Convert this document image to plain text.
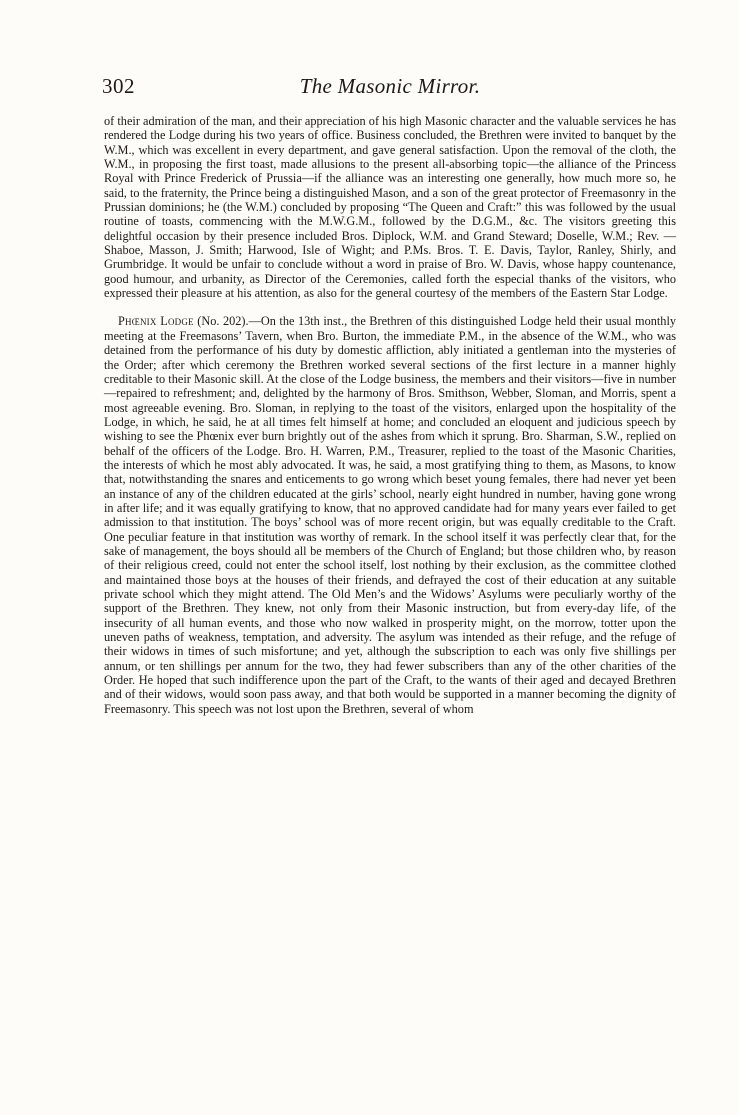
302	The Masonic Mirror.

of their admiration of the man, and their appreciation of his high Masonic character and the valuable services he has rendered the Lodge during his two years of office. Business concluded, the Brethren were invited to banquet by the W.M., which was excellent in every department, and gave general satisfaction. Upon the removal of the cloth, the W.M., in proposing the first toast, made allusions to the present all-absorbing topic—the alliance of the Princess Royal with Prince Frederick of Prussia—if the alliance was an interesting one generally, how much more so, he said, to the fraternity, the Prince being a distinguished Mason, and a son of the great protector of Freemasonry in the Prussian dominions; he (the W.M.) concluded by proposing “The Queen and Craft:” this was followed by the usual routine of toasts, commencing with the M.W.G.M., followed by the D.G.M., &c. The visitors greeting this delightful occasion by their presence included Bros. Diplock, W.M. and Grand Steward; Doselle, W.M.; Rev. — Shaboe, Masson, J. Smith; Harwood, Isle of Wight; and P.Ms. Bros. T. E. Davis, Taylor, Ranley, Shirly, and Grumbridge. It would be unfair to conclude without a word in praise of Bro. W. Davis, whose happy countenance, good humour, and urbanity, as Director of the Ceremonies, called forth the especial thanks of the visitors, who expressed their pleasure at his attention, as also for the general courtesy of the members of the Eastern Star Lodge.

Phœnix Lodge (No. 202).—On the 13th inst., the Brethren of this distinguished Lodge held their usual monthly meeting at the Freemasons’ Tavern, when Bro. Burton, the immediate P.M., in the absence of the W.M., who was detained from the performance of his duty by domestic affliction, ably initiated a gentleman into the mysteries of the Order; after which ceremony the Brethren worked several sections of the first lecture in a manner highly creditable to their Masonic skill. At the close of the Lodge business, the members and their visitors—five in number—repaired to refreshment; and, delighted by the harmony of Bros. Smithson, Webber, Sloman, and Morris, spent a most agreeable evening. Bro. Sloman, in replying to the toast of the visitors, enlarged upon the hospitality of the Lodge, in which, he said, he at all times felt himself at home; and concluded an eloquent and judicious speech by wishing to see the Phœnix ever burn brightly out of the ashes from which it sprung. Bro. Sharman, S.W., replied on behalf of the officers of the Lodge. Bro. H. Warren, P.M., Treasurer, replied to the toast of the Masonic Charities, the interests of which he most ably advocated. It was, he said, a most gratifying thing to them, as Masons, to know that, notwithstanding the snares and enticements to go wrong which beset young females, there had never yet been an instance of any of the children educated at the girls’ school, nearly eight hundred in number, having gone wrong in after life; and it was equally gratifying to know, that no approved candidate had for many years ever failed to get admission to that institution. The boys’ school was of more recent origin, but was equally creditable to the Craft. One peculiar feature in that institution was worthy of remark. In the school itself it was perfectly clear that, for the sake of management, the boys should all be members of the Church of England; but those children who, by reason of their religious creed, could not enter the school itself, lost nothing by their exclusion, as the committee clothed and maintained those boys at the houses of their friends, and defrayed the cost of their education at any suitable private school which they might attend. The Old Men’s and the Widows’ Asylums were peculiarly worthy of the support of the Brethren. They knew, not only from their Masonic instruction, but from every-day life, of the insecurity of all human events, and those who now walked in prosperity might, on the morrow, totter upon the uneven paths of weakness, temptation, and adversity. The asylum was intended as their refuge, and the refuge of their widows in times of such misfortune; and yet, although the subscription to each was only five shillings per annum, or ten shillings per annum for the two, they had fewer subscribers than any of the other charities of the Order. He hoped that such indifference upon the part of the Craft, to the wants of their aged and decayed Brethren and of their widows, would soon pass away, and that both would be supported in a manner becoming the dignity of Freemasonry. This speech was not lost upon the Brethren, several of whom
